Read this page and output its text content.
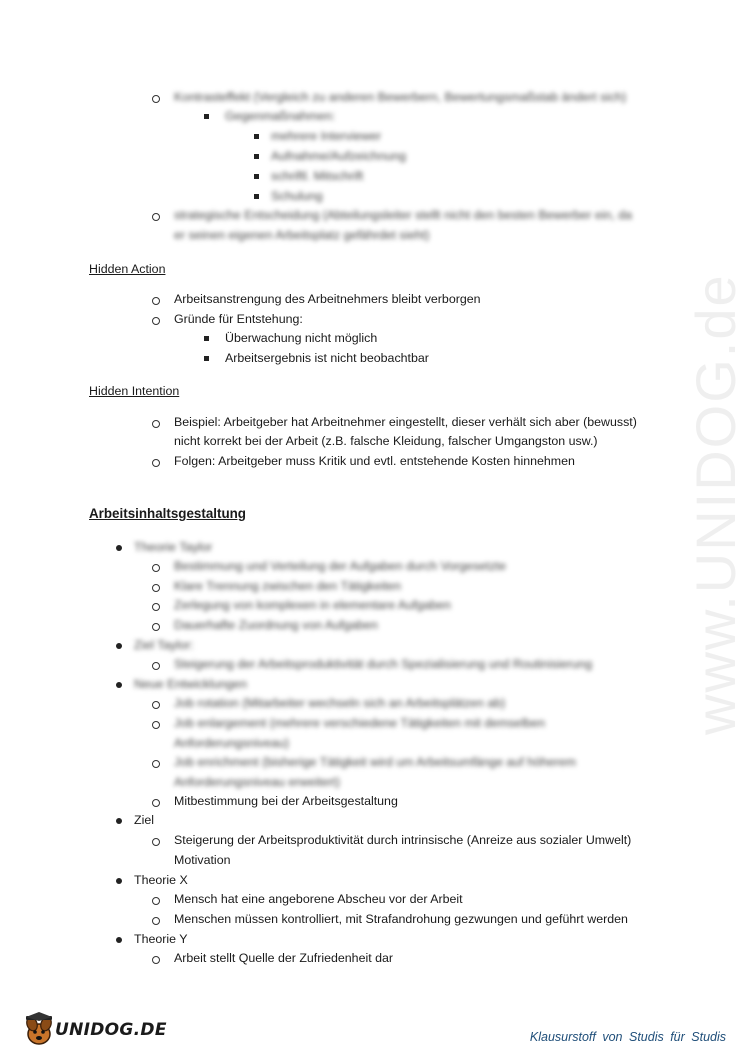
www.UNIDOG.de
Kontrasteffekt (Vergleich zu anderen Bewerbern, Bewertungsmaßstab ändert sich)
Gegenmaßnahmen:
mehrere Interviewer
Aufnahme/Aufzeichnung
schriftl. Mitschrift
Schulung
strategische Entscheidung (Abteilungsleiter stellt nicht den besten Bewerber ein, da
er seinen eigenen Arbeitsplatz gefährdet sieht)
Hidden Action
Arbeitsanstrengung des Arbeitnehmers bleibt verborgen
Gründe für Entstehung:
Überwachung nicht möglich
Arbeitsergebnis ist nicht beobachtbar
Hidden Intention
Beispiel: Arbeitgeber hat Arbeitnehmer eingestellt, dieser verhält sich aber (bewusst)
nicht korrekt bei der Arbeit (z.B. falsche Kleidung, falscher Umgangston usw.)
Folgen: Arbeitgeber muss Kritik und evtl. entstehende Kosten hinnehmen
Arbeitsinhaltsgestaltung
Theorie Taylor
Bestimmung und Verteilung der Aufgaben durch Vorgesetzte
Klare Trennung zwischen den Tätigkeiten
Zerlegung von komplexen in elementare Aufgaben
Dauerhafte Zuordnung von Aufgaben
Ziel Taylor:
Steigerung der Arbeitsproduktivität durch Spezialisierung und Routinisierung
Neue Entwicklungen
Job rotation (Mitarbeiter wechseln sich an Arbeitsplätzen ab)
Job enlargement (mehrere verschiedene Tätigkeiten mit demselben
Anforderungsniveau)
Job enrichment (bisherige Tätigkeit wird um Arbeitsumfänge auf höherem
Anforderungsniveau erweitert)
Mitbestimmung bei der Arbeitsgestaltung
Ziel
Steigerung der Arbeitsproduktivität durch intrinsische (Anreize aus sozialer Umwelt)
Motivation
Theorie X
Mensch hat eine angeborene Abscheu vor der Arbeit
Menschen müssen kontrolliert, mit Strafandrohung gezwungen und geführt werden
Theorie Y
Arbeit stellt Quelle der Zufriedenheit dar
UNIDOG.DE	Klausurstoff von Studis für Studis
